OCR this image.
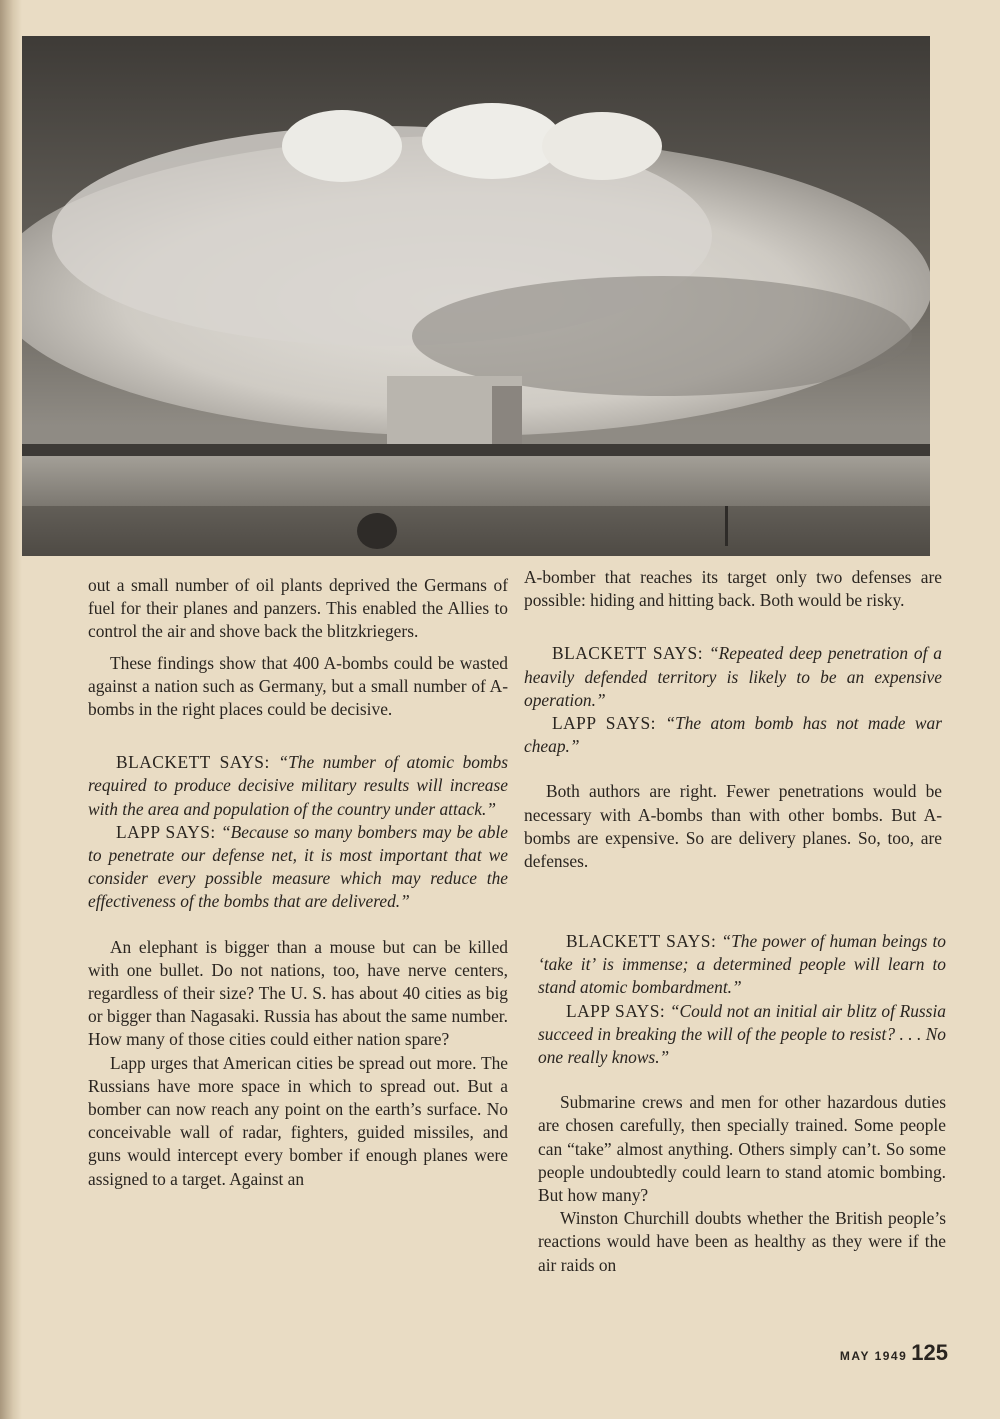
out a small number of oil plants deprived the Germans of fuel for their planes and panzers. This enabled the Allies to control the air and shove back the blitzkriegers.

These findings show that 400 A-bombs could be wasted against a nation such as Germany, but a small number of A-bombs in the right places could be decisive.

BLACKETT SAYS: “The number of atomic bombs required to produce decisive military results will increase with the area and population of the country under attack.”

LAPP SAYS: “Because so many bombers may be able to penetrate our defense net, it is most important that we consider every possible measure which may reduce the effectiveness of the bombs that are delivered.”

An elephant is bigger than a mouse but can be killed with one bullet. Do not nations, too, have nerve centers, regardless of their size? The U. S. has about 40 cities as big or bigger than Nagasaki. Russia has about the same number. How many of those cities could either nation spare?

Lapp urges that American cities be spread out more. The Russians have more space in which to spread out. But a bomber can now reach any point on the earth’s surface. No conceivable wall of radar, fighters, guided missiles, and guns would intercept every bomber if enough planes were assigned to a target. Against an

A-bomber that reaches its target only two defenses are possible: hiding and hitting back. Both would be risky.

BLACKETT SAYS: “Repeated deep penetration of a heavily defended territory is likely to be an expensive operation.”

LAPP SAYS: “The atom bomb has not made war cheap.”

Both authors are right. Fewer penetrations would be necessary with A-bombs than with other bombs. But A-bombs are expensive. So are delivery planes. So, too, are defenses.

BLACKETT SAYS: “The power of human beings to ‘take it’ is immense; a determined people will learn to stand atomic bombardment.”

LAPP SAYS: “Could not an initial air blitz of Russia succeed in breaking the will of the people to resist? . . . No one really knows.”

Submarine crews and men for other hazardous duties are chosen carefully, then specially trained. Some people can “take” almost anything. Others simply can’t. So some people undoubtedly could learn to stand atomic bombing. But how many?

Winston Churchill doubts whether the British people’s reactions would have been as healthy as they were if the air raids on

MAY 1949 125
